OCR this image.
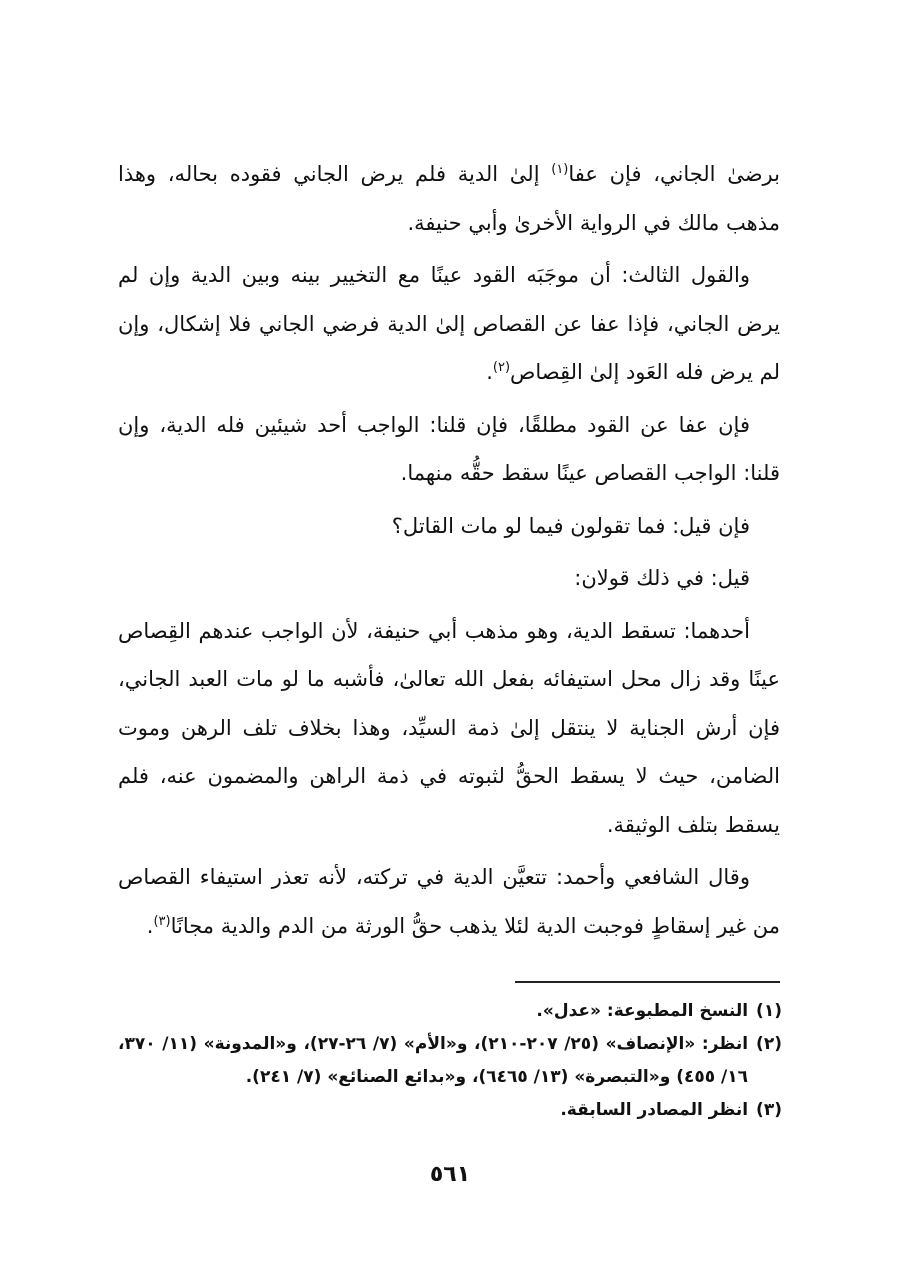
برضىٰ الجاني، فإن عفا$^{(١)}$ إلىٰ الدية فلم يرض الجاني فقوده بحاله، وهذا مذهب مالك في الرواية الأخرىٰ وأبي حنيفة.

والقول الثالث: أن موجَبَه القود عينًا مع التخيير بينه وبين الدية وإن لم يرض الجاني، فإذا عفا عن القصاص إلىٰ الدية فرضي الجاني فلا إشكال، وإن لم يرض فله العَود إلىٰ القِصاص$^{(٢)}$.

فإن عفا عن القود مطلقًا، فإن قلنا: الواجب أحد شيئين فله الدية، وإن قلنا: الواجب القصاص عينًا سقط حقُّه منهما.

فإن قيل: فما تقولون فيما لو مات القاتل؟

قيل: في ذلك قولان:

أحدهما: تسقط الدية، وهو مذهب أبي حنيفة، لأن الواجب عندهم القِصاص عينًا وقد زال محل استيفائه بفعل الله تعالىٰ، فأشبه ما لو مات العبد الجاني، فإن أرش الجناية لا ينتقل إلىٰ ذمة السيِّد، وهذا بخلاف تلف الرهن وموت الضامن، حيث لا يسقط الحقُّ لثبوته في ذمة الراهن والمضمون عنه، فلم يسقط بتلف الوثيقة.

وقال الشافعي وأحمد: تتعيَّن الدية في تركته، لأنه تعذر استيفاء القصاص من غير إسقاطٍ فوجبت الدية لئلا يذهب حقُّ الورثة من الدم والدية مجانًا$^{(٣)}$.

(١)
النسخ المطبوعة: «عدل».
(٢)
انظر: «الإنصاف» (٢٥/ ٢٠٧-٢١٠)، و«الأم» (٧/ ٢٦-٢٧)، و«المدونة» (١١/ ٣٧٠، ١٦/ ٤٥٥) و«التبصرة» (١٣/ ٦٤٦٥)، و«بدائع الصنائع» (٧/ ٢٤١).
(٣)
انظر المصادر السابقة.
٥٦١
